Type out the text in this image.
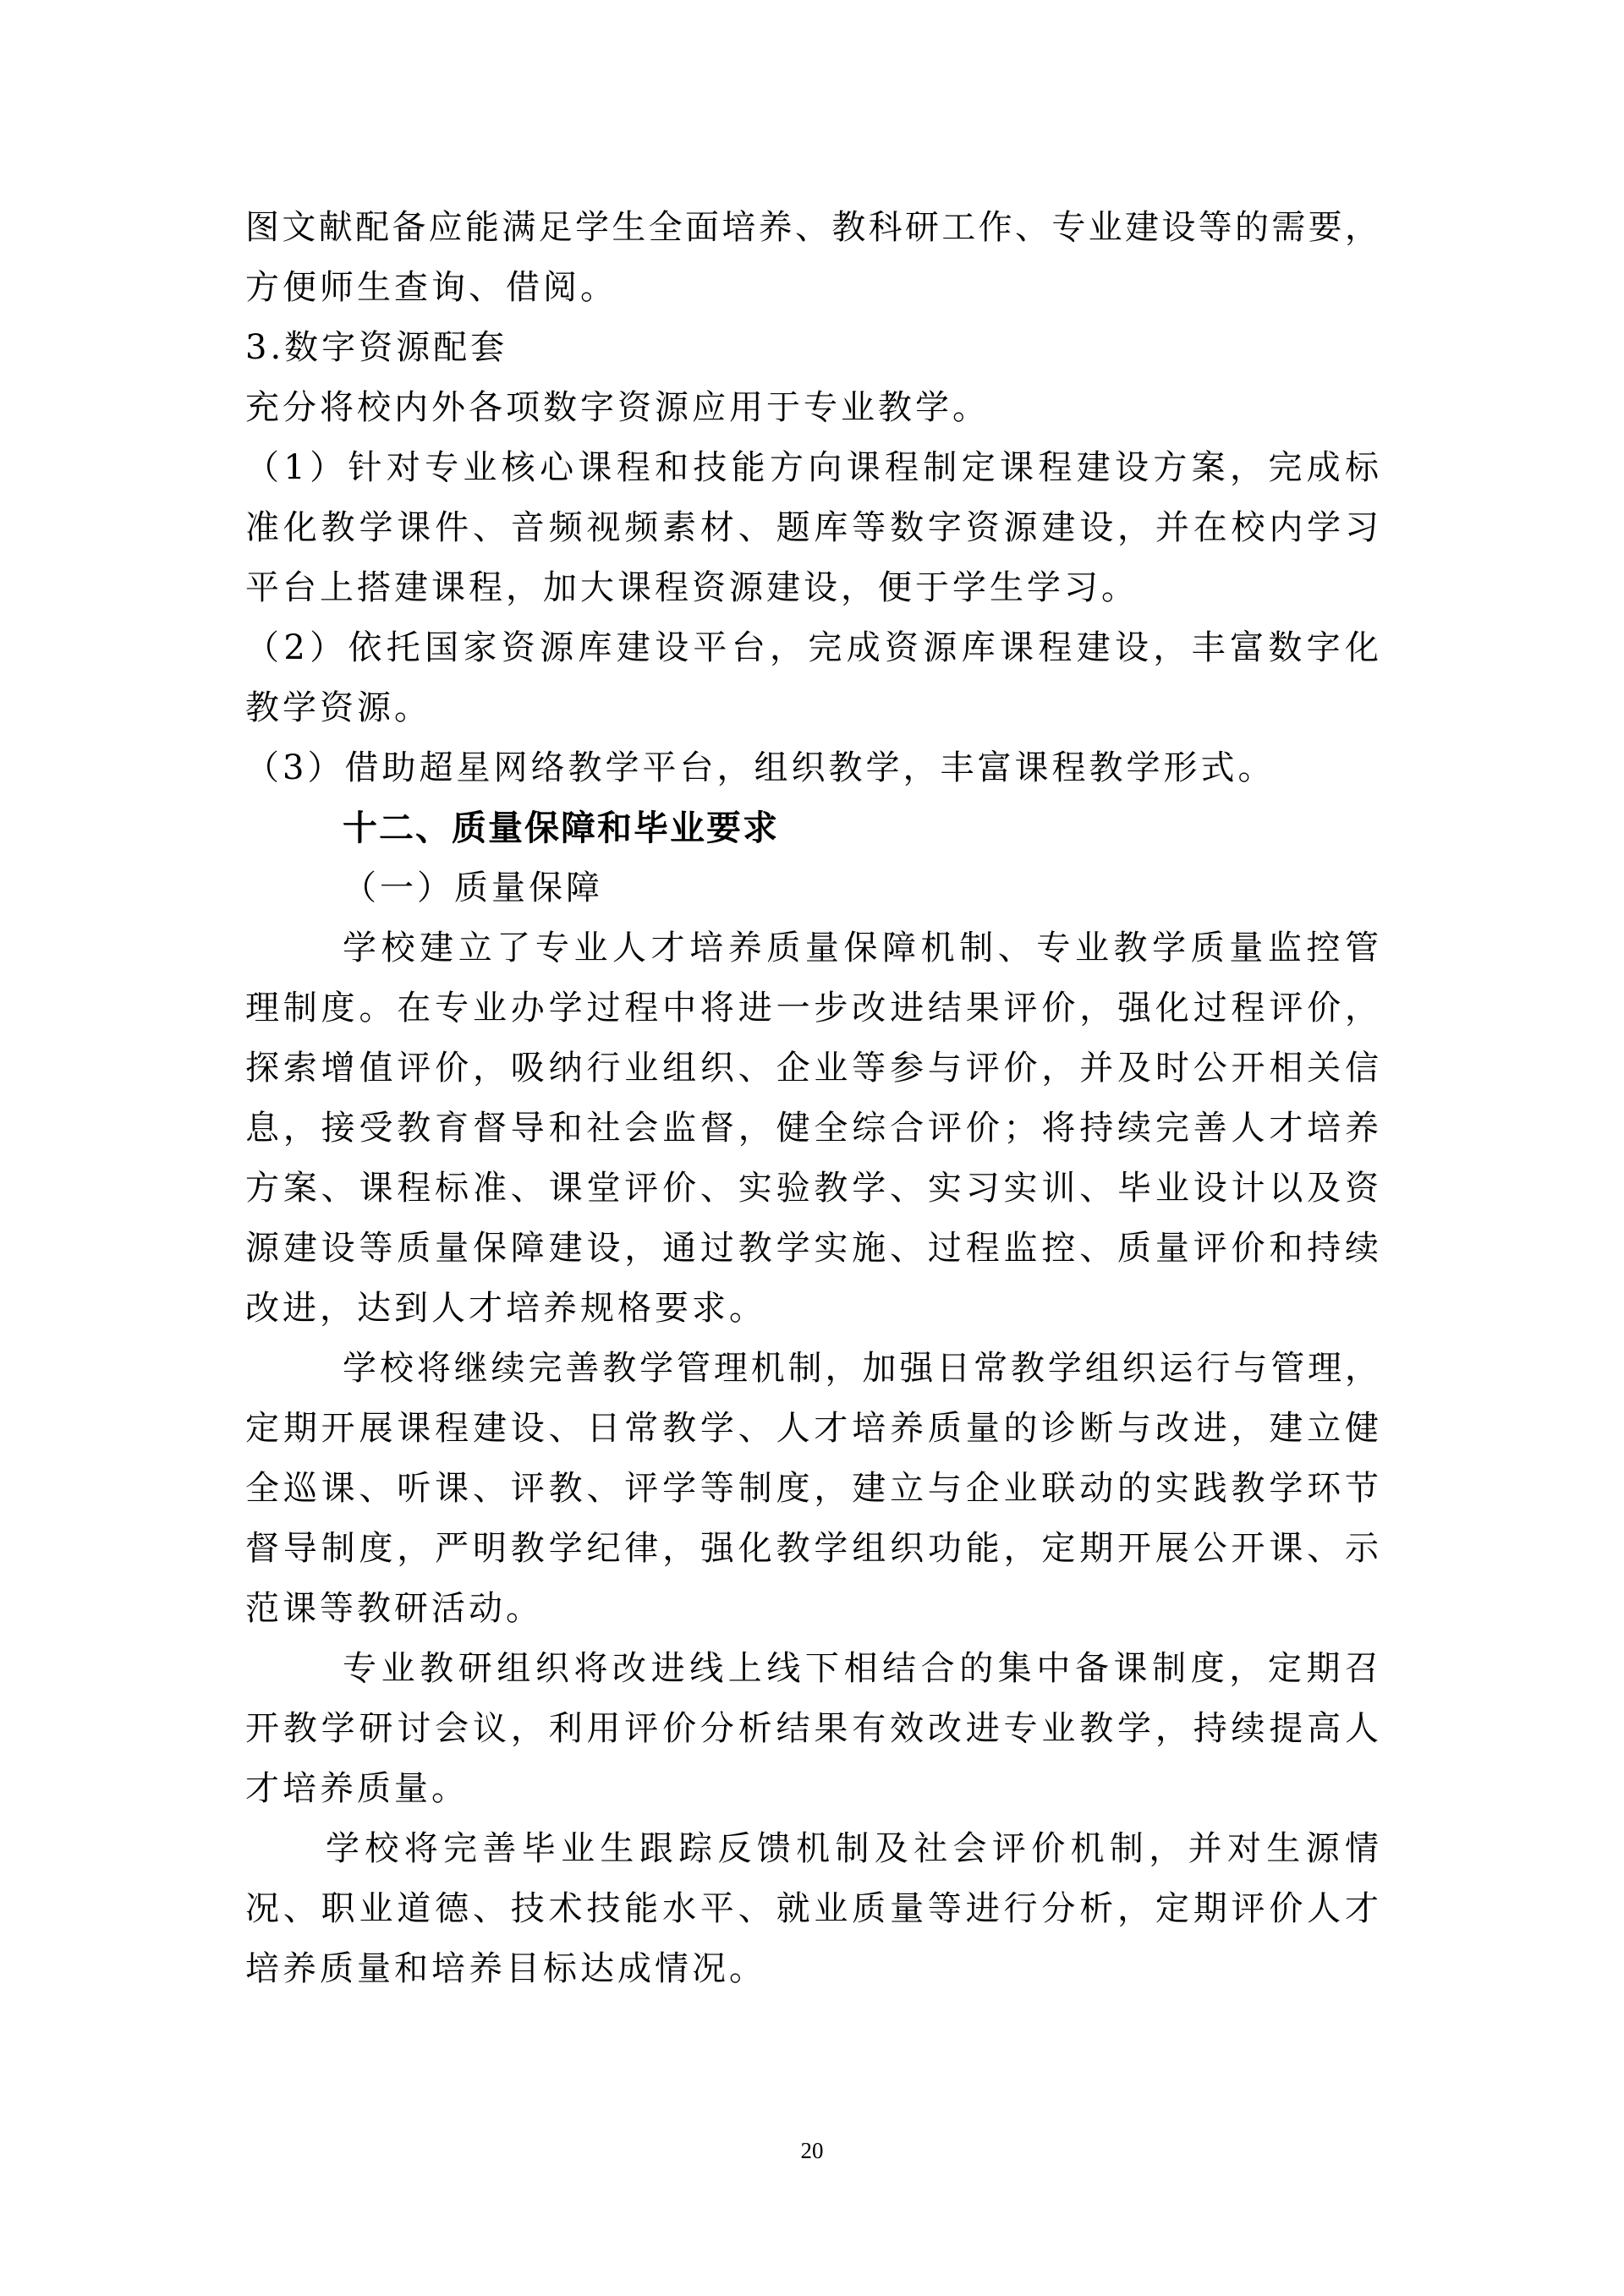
图文献配备应能满足学生全面培养、教科研工作、专业建设等的需要，
方便师生查询、借阅。
3.数字资源配套
充分将校内外各项数字资源应用于专业教学。
（1）针对专业核心课程和技能方向课程制定课程建设方案，完成标
准化教学课件、音频视频素材、题库等数字资源建设，并在校内学习
平台上搭建课程，加大课程资源建设，便于学生学习。
（2）依托国家资源库建设平台，完成资源库课程建设，丰富数字化
教学资源。
（3）借助超星网络教学平台，组织教学，丰富课程教学形式。
十二、质量保障和毕业要求
（一）质量保障
学校建立了专业人才培养质量保障机制、专业教学质量监控管
理制度。在专业办学过程中将进一步改进结果评价，强化过程评价，
探索增值评价，吸纳行业组织、企业等参与评价，并及时公开相关信
息，接受教育督导和社会监督，健全综合评价；将持续完善人才培养
方案、课程标准、课堂评价、实验教学、实习实训、毕业设计以及资
源建设等质量保障建设，通过教学实施、过程监控、质量评价和持续
改进，达到人才培养规格要求。
学校将继续完善教学管理机制，加强日常教学组织运行与管理，
定期开展课程建设、日常教学、人才培养质量的诊断与改进，建立健
全巡课、听课、评教、评学等制度，建立与企业联动的实践教学环节
督导制度，严明教学纪律，强化教学组织功能，定期开展公开课、示
范课等教研活动。
专业教研组织将改进线上线下相结合的集中备课制度，定期召
开教学研讨会议，利用评价分析结果有效改进专业教学，持续提高人
才培养质量。
学校将完善毕业生跟踪反馈机制及社会评价机制，并对生源情
况、职业道德、技术技能水平、就业质量等进行分析，定期评价人才
培养质量和培养目标达成情况。
20
